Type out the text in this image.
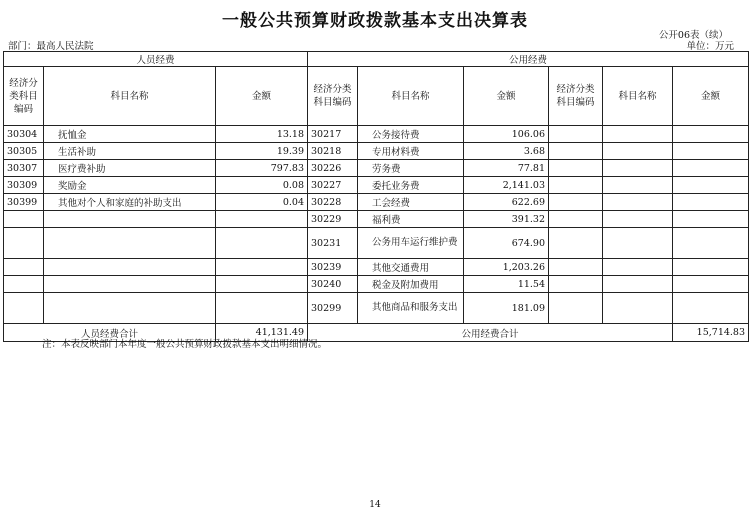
一般公共预算财政拨款基本支出决算表
公开06表（续）
部门：最高人民法院	单位：万元
人员经费			公用经费					
经济分类科目编码	科目名称	金额	经济分类科目编码	科目名称	金额	经济分类科目编码	科目名称	金额
30304	抚恤金	13.18	30217	公务接待费	106.06			
30305	生活补助	19.39	30218	专用材料费	3.68			
30307	医疗费补助	797.83	30226	劳务费	77.81			
30309	奖励金	0.08	30227	委托业务费	2,141.03			
30399	其他对个人和家庭的补助支出	0.04	30228	工会经费	622.69			
			30229	福利费	391.32			
			30231	公务用车运行维护费	674.90			
			30239	其他交通费用	1,203.26			
			30240	税金及附加费用	11.54			
			30299	其他商品和服务支出	181.09			
人员经费合计		41,131.49	公用经费合计					15,714.83
注：本表反映部门本年度一般公共预算财政拨款基本支出明细情况。
14
